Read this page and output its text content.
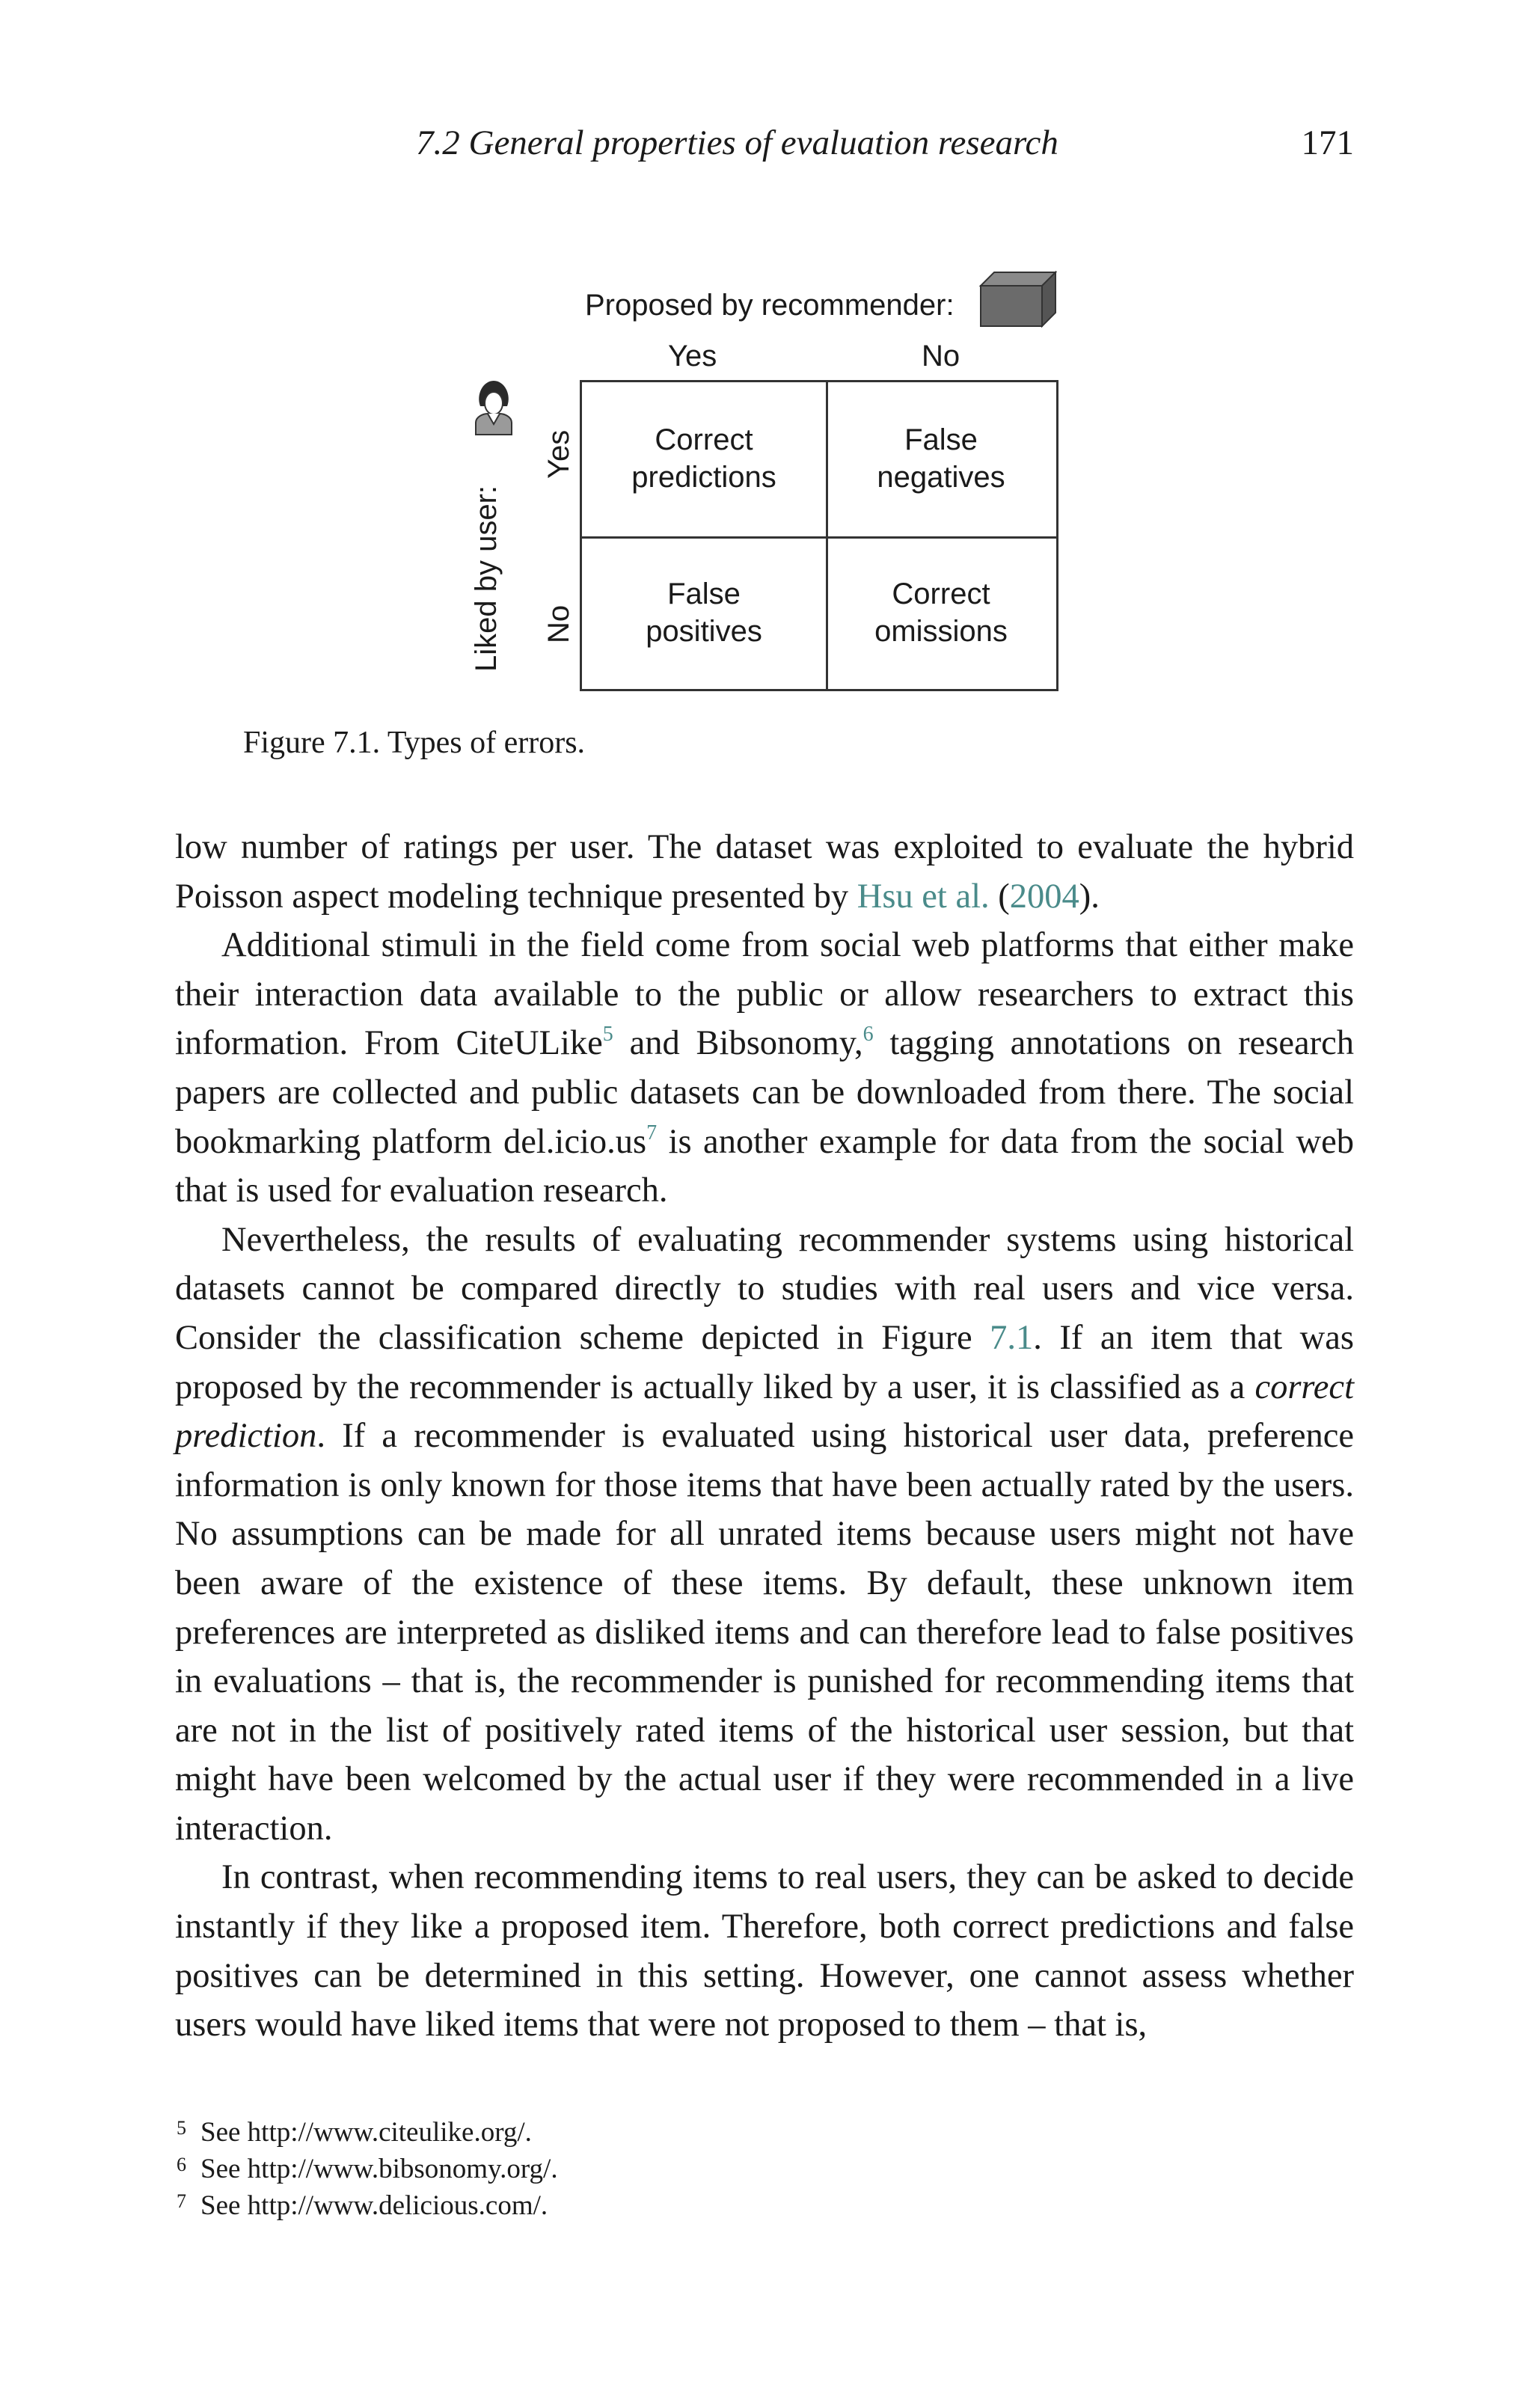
7.2 General properties of evaluation research	171
Proposed by recommender:
Yes	No
Liked by user:
Yes
No
Correct predictions
False negatives
False positives
Correct omissions
Figure 7.1. Types of errors.

low number of ratings per user. The dataset was exploited to evaluate the hybrid Poisson aspect modeling technique presented by Hsu et al. (2004).

Additional stimuli in the field come from social web platforms that either make their interaction data available to the public or allow researchers to extract this information. From CiteULike$^5$ and Bibsonomy,$^6$ tagging annotations on research papers are collected and public datasets can be downloaded from there. The social bookmarking platform del.icio.us$^7$ is another example for data from the social web that is used for evaluation research.

Nevertheless, the results of evaluating recommender systems using historical datasets cannot be compared directly to studies with real users and vice versa. Consider the classification scheme depicted in Figure 7.1. If an item that was proposed by the recommender is actually liked by a user, it is classified as a correct prediction. If a recommender is evaluated using historical user data, preference information is only known for those items that have been actually rated by the users. No assumptions can be made for all unrated items because users might not have been aware of the existence of these items. By default, these unknown item preferences are interpreted as disliked items and can therefore lead to false positives in evaluations – that is, the recommender is punished for recommending items that are not in the list of positively rated items of the historical user session, but that might have been welcomed by the actual user if they were recommended in a live interaction.

In contrast, when recommending items to real users, they can be asked to decide instantly if they like a proposed item. Therefore, both correct predictions and false positives can be determined in this setting. However, one cannot assess whether users would have liked items that were not proposed to them – that is,

5 See http://www.citeulike.org/.
6 See http://www.bibsonomy.org/.
7 See http://www.delicious.com/.
